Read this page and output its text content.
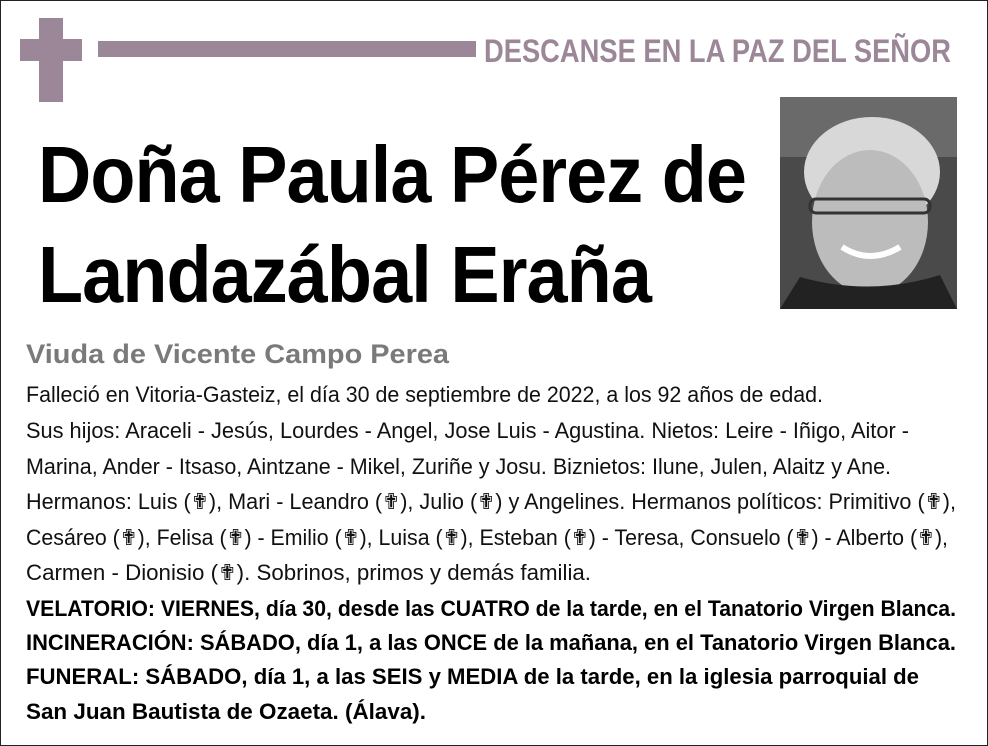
DESCANSE EN LA PAZ DEL SEÑOR
Doña Paula Pérez de
Landazábal Eraña
Viuda de Vicente Campo Perea
Falleció en Vitoria-Gasteiz, el día 30 de septiembre de 2022, a los 92 años de edad.
Sus hijos: Araceli - Jesús, Lourdes - Angel, Jose Luis - Agustina. Nietos: Leire - Iñigo, Aitor -
Marina, Ander - Itsaso, Aintzane - Mikel, Zuriñe y Josu. Biznietos: Ilune, Julen, Alaitz y Ane.
Hermanos: Luis (✟), Mari - Leandro (✟), Julio (✟) y Angelines. Hermanos políticos: Primitivo (✟),
Cesáreo (✟), Felisa (✟) - Emilio (✟), Luisa (✟), Esteban (✟) - Teresa, Consuelo (✟) - Alberto (✟),
Carmen - Dionisio (✟). Sobrinos, primos y demás familia.
VELATORIO: VIERNES, día 30, desde las CUATRO de la tarde, en el Tanatorio Virgen Blanca.
INCINERACIÓN: SÁBADO, día 1, a las ONCE de la mañana, en el Tanatorio Virgen Blanca.
FUNERAL: SÁBADO, día 1, a las SEIS y MEDIA de la tarde, en la iglesia parroquial de
San Juan Bautista de Ozaeta. (Álava).
